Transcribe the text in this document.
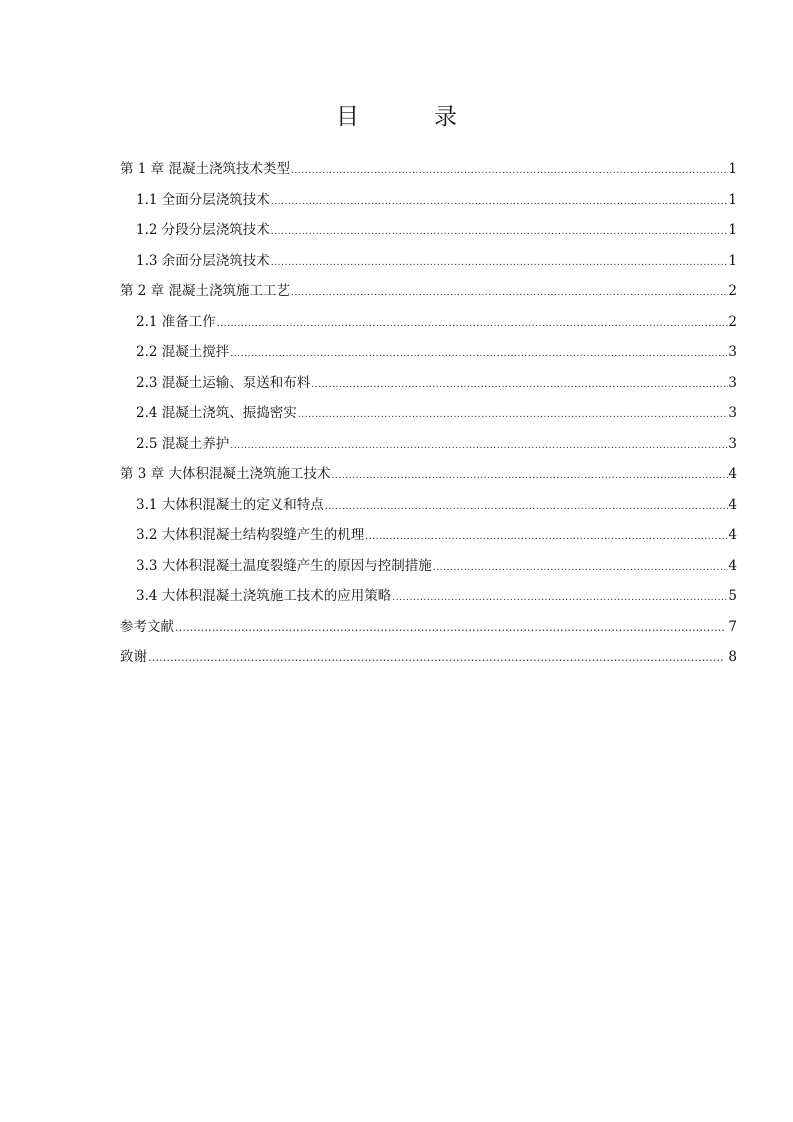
目　录
第 1 章 混凝土浇筑技术类型 .....	1
1.1 全面分层浇筑技术 .....	1
1.2 分段分层浇筑技术 .....	1
1.3 余面分层浇筑技术 .....	1
第 2 章 混凝土浇筑施工工艺 .....	2
2.1 准备工作 .....	2
2.2 混凝土搅拌 .....	3
2.3 混凝土运输、泵送和布料 .....	3
2.4 混凝土浇筑、振捣密实 .....	3
2.5 混凝土养护 .....	3
第 3 章 大体积混凝土浇筑施工技术 .....	4
3.1 大体积混凝土的定义和特点 .....	4
3.2 大体积混凝土结构裂缝产生的机理 .....	4
3.3 大体积混凝土温度裂缝产生的原因与控制措施 .....	4
3.4 大体积混凝土浇筑施工技术的应用策略 .....	5
参考文献 ……………………………………………………………………………………………………………………………………………………………………………………………………………………………………………………………………	7
致谢 ……………………………………………………………………………………………………………………………………………………………………………………………………………………………………………………………………	8
